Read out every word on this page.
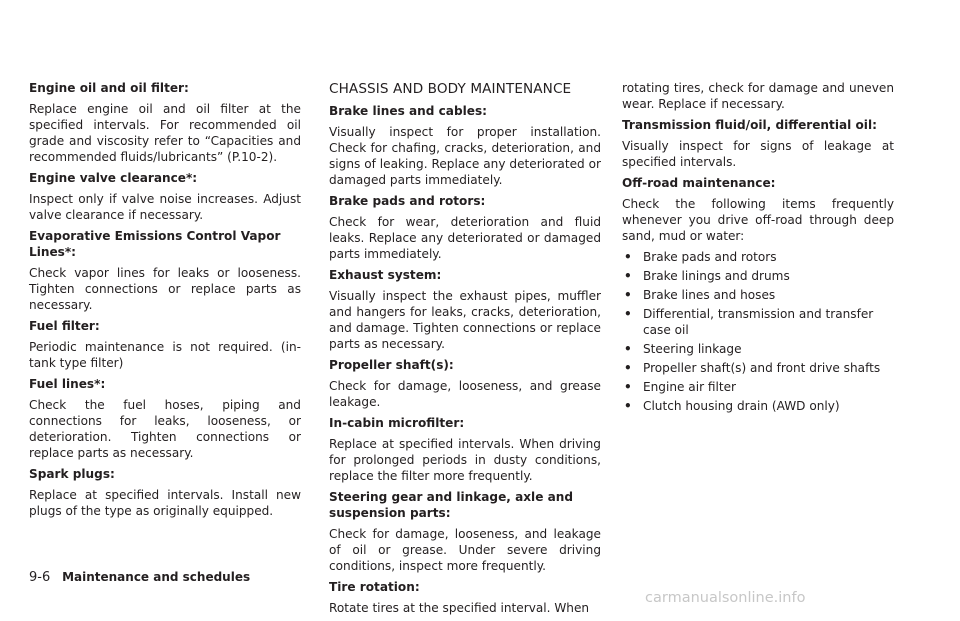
Engine oil and oil filter:
Replace engine oil and oil filter at the specified intervals. For recommended oil grade and viscosity refer to “Capacities and recommended fluids/lubricants” (P.10-2).
Engine valve clearance*:
Inspect only if valve noise increases. Adjust valve clearance if necessary.
Evaporative Emissions Control Vapor Lines*:
Check vapor lines for leaks or looseness. Tighten connections or replace parts as necessary.
Fuel filter:
Periodic maintenance is not required. (in-tank type filter)
Fuel lines*:
Check the fuel hoses, piping and connections for leaks, looseness, or deterioration. Tighten connections or replace parts as necessary.
Spark plugs:
Replace at specified intervals. Install new plugs of the type as originally equipped.
CHASSIS AND BODY MAINTENANCE
Brake lines and cables:
Visually inspect for proper installation. Check for chafing, cracks, deterioration, and signs of leaking. Replace any deteriorated or damaged parts immediately.
Brake pads and rotors:
Check for wear, deterioration and fluid leaks. Replace any deteriorated or damaged parts immediately.
Exhaust system:
Visually inspect the exhaust pipes, muffler and hangers for leaks, cracks, deterioration, and damage. Tighten connections or replace parts as necessary.
Propeller shaft(s):
Check for damage, looseness, and grease leakage.
In-cabin microfilter:
Replace at specified intervals. When driving for prolonged periods in dusty conditions, replace the filter more frequently.
Steering gear and linkage, axle and suspension parts:
Check for damage, looseness, and leakage of oil or grease. Under severe driving conditions, inspect more frequently.
Tire rotation:
Rotate tires at the specified interval. When
rotating tires, check for damage and uneven wear. Replace if necessary.
Transmission fluid/oil, differential oil:
Visually inspect for signs of leakage at specified intervals.
Off-road maintenance:
Check the following items frequently whenever you drive off-road through deep sand, mud or water:
• Brake pads and rotors
• Brake linings and drums
• Brake lines and hoses
• Differential, transmission and transfer case oil
• Steering linkage
• Propeller shaft(s) and front drive shafts
• Engine air filter
• Clutch housing drain (AWD only)
9-6 Maintenance and schedules
carmanualsonline.info
